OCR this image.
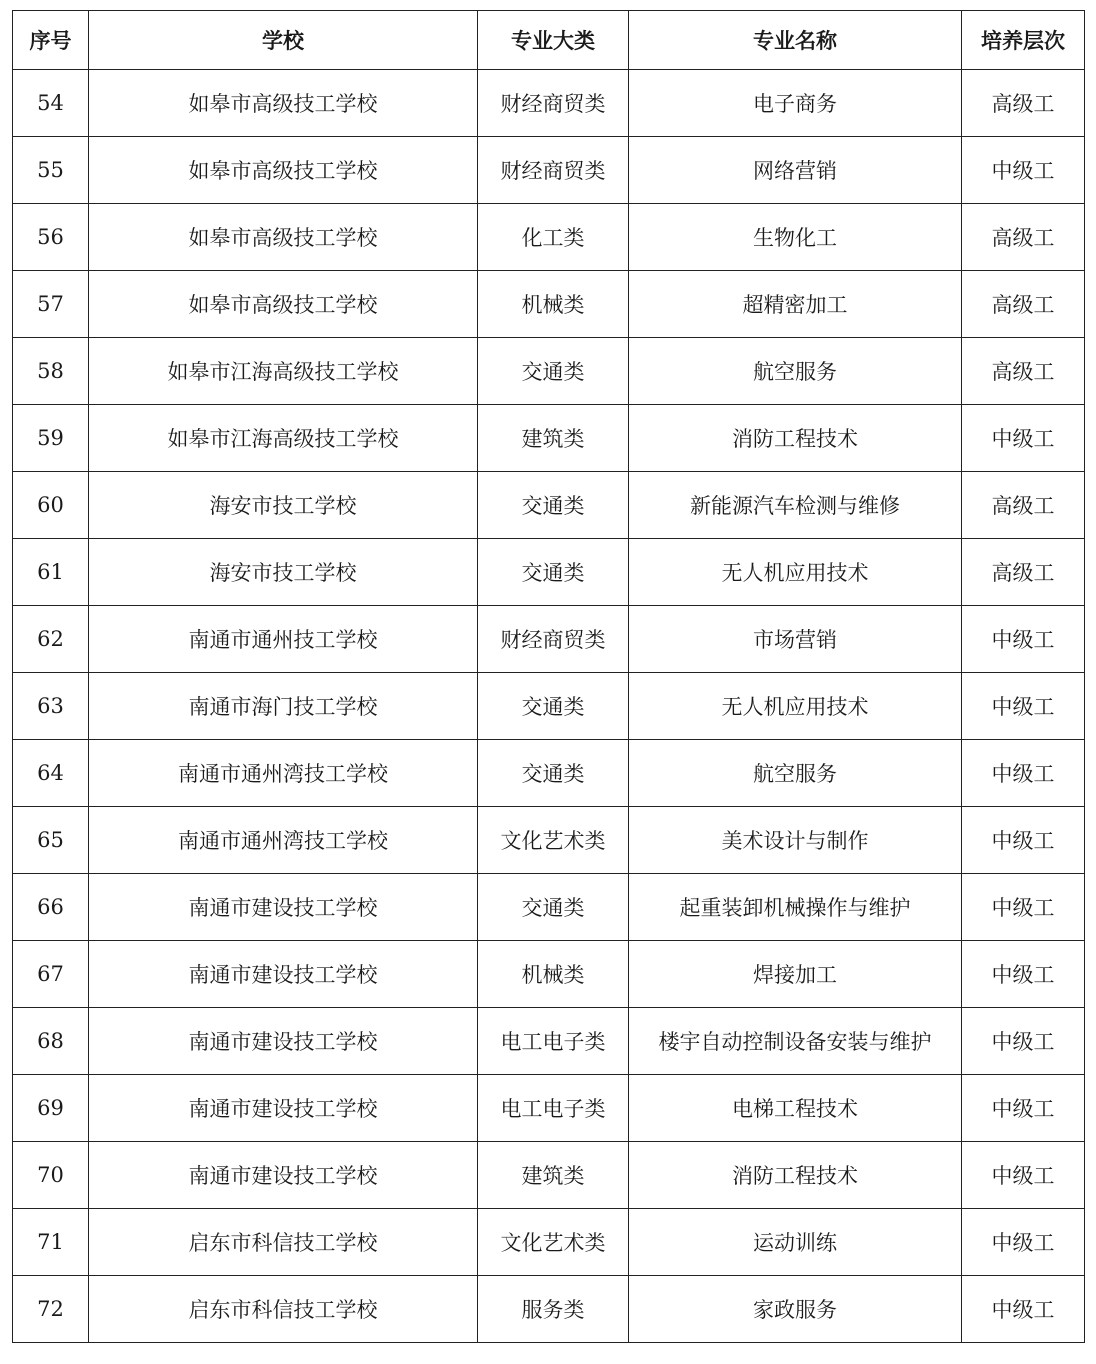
序号	学校	专业大类	专业名称	培养层次
54	如皋市高级技工学校	财经商贸类	电子商务	高级工
55	如皋市高级技工学校	财经商贸类	网络营销	中级工
56	如皋市高级技工学校	化工类	生物化工	高级工
57	如皋市高级技工学校	机械类	超精密加工	高级工
58	如皋市江海高级技工学校	交通类	航空服务	高级工
59	如皋市江海高级技工学校	建筑类	消防工程技术	中级工
60	海安市技工学校	交通类	新能源汽车检测与维修	高级工
61	海安市技工学校	交通类	无人机应用技术	高级工
62	南通市通州技工学校	财经商贸类	市场营销	中级工
63	南通市海门技工学校	交通类	无人机应用技术	中级工
64	南通市通州湾技工学校	交通类	航空服务	中级工
65	南通市通州湾技工学校	文化艺术类	美术设计与制作	中级工
66	南通市建设技工学校	交通类	起重装卸机械操作与维护	中级工
67	南通市建设技工学校	机械类	焊接加工	中级工
68	南通市建设技工学校	电工电子类	楼宇自动控制设备安装与维护	中级工
69	南通市建设技工学校	电工电子类	电梯工程技术	中级工
70	南通市建设技工学校	建筑类	消防工程技术	中级工
71	启东市科信技工学校	文化艺术类	运动训练	中级工
72	启东市科信技工学校	服务类	家政服务	中级工
